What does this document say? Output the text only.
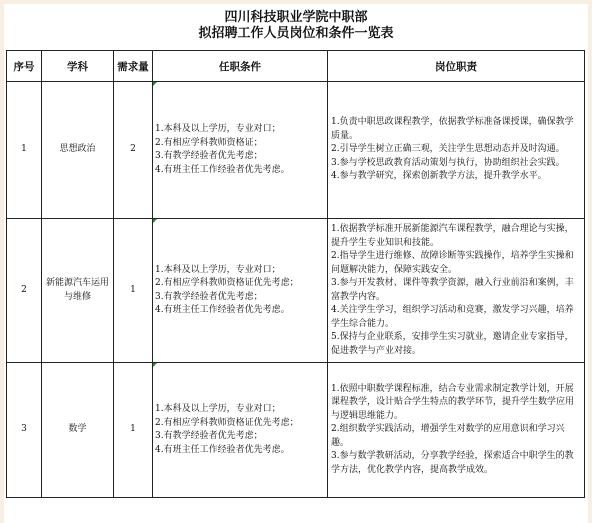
四川科技职业学院中职部
拟招聘工作人员岗位和条件一览表
序号	学科	需求量	任职条件	岗位职责
1	思想政治	2	1.本科及以上学历，专业对口；
2.有相应学科教师资格证；
3.有教学经验者优先考虑；
4.有班主任工作经验者优先考虑。	1.负责中职思政课程教学，依据教学标准备课授课，确保教学质量。
2.引导学生树立正确三观，关注学生思想动态并及时沟通。
3.参与学校思政教育活动策划与执行，协助组织社会实践。
4.参与教学研究，探索创新教学方法，提升教学水平。

2	新能源汽车运用与维修	1	1.本科及以上学历，专业对口；
2.有相应学科教师资格证优先考虑；
3.有教学经验者优先考虑；
4.有班主任工作经验者优先考虑。	1.依据教学标准开展新能源汽车课程教学，融合理论与实操，提升学生专业知识和技能。
2.指导学生进行维修、故障诊断等实践操作，培养学生实操和问题解决能力，保障实践安全。
3.参与开发教材、课件等教学资源，融入行业前沿和案例，丰富教学内容。
4.关注学生学习，组织学习活动和竞赛，激发学习兴趣，培养学生综合能力。
5.保持与企业联系，安排学生实习就业，邀请企业专家指导，促进教学与产业对接。

3	数学	1	1.本科及以上学历，专业对口；
2.有相应学科教师资格证优先考虑；
3.有教学经验者优先考虑；
4.有班主任工作经验者优先考虑。	1.依照中职数学课程标准，结合专业需求制定教学计划，开展课程教学，设计贴合学生特点的教学环节，提升学生数学应用与逻辑思维能力。
2.组织数学实践活动，增强学生对数学的应用意识和学习兴趣。
3.参与数学教研活动，分享教学经验，探索适合中职学生的教学方法，优化教学内容，提高教学成效。
